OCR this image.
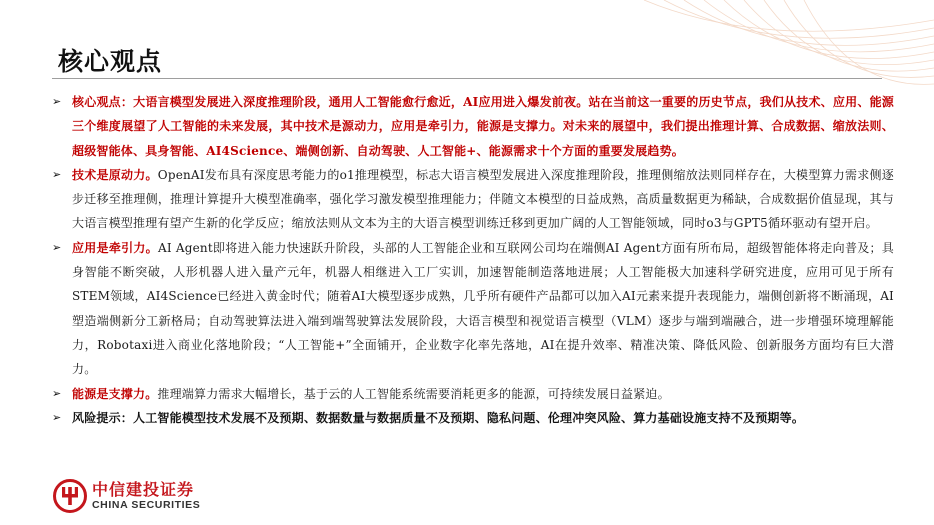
核心观点
➢ 核心观点：大语言模型发展进入深度推理阶段，通用人工智能愈行愈近，AI应用进入爆发前夜。站在当前这一重要的历史节点，我们从技术、应用、能源三个维度展望了人工智能的未来发展，其中技术是源动力，应用是牵引力，能源是支撑力。对未来的展望中，我们提出推理计算、合成数据、缩放法则、超级智能体、具身智能、AI4Science、端侧创新、自动驾驶、人工智能+、能源需求十个方面的重要发展趋势。
➢ 技术是原动力。OpenAI发布具有深度思考能力的o1推理模型，标志大语言模型发展进入深度推理阶段，推理侧缩放法则同样存在，大模型算力需求侧逐步迁移至推理侧，推理计算提升大模型准确率，强化学习激发模型推理能力；伴随文本模型的日益成熟，高质量数据更为稀缺，合成数据价值显现，其与大语言模型推理有望产生新的化学反应；缩放法则从文本为主的大语言模型训练迁移到更加广阔的人工智能领域，同时o3与GPT5循环驱动有望开启。
➢ 应用是牵引力。AI Agent即将进入能力快速跃升阶段，头部的人工智能企业和互联网公司均在端侧AI Agent方面有所布局，超级智能体将走向普及；具身智能不断突破，人形机器人进入量产元年，机器人相继进入工厂实训，加速智能制造落地进展；人工智能极大加速科学研究进度，应用可见于所有STEM领域，AI4Science已经进入黄金时代；随着AI大模型逐步成熟，几乎所有硬件产品都可以加入AI元素来提升表现能力，端侧创新将不断涌现，AI塑造端侧新分工新格局；自动驾驶算法进入端到端驾驶算法发展阶段，大语言模型和视觉语言模型（VLM）逐步与端到端融合，进一步增强环境理解能力，Robotaxi进入商业化落地阶段；“人工智能+”全面铺开，企业数字化率先落地，AI在提升效率、精准决策、降低风险、创新服务方面均有巨大潜力。
➢ 能源是支撑力。推理端算力需求大幅增长，基于云的人工智能系统需要消耗更多的能源，可持续发展日益紧迫。
➢ 风险提示：人工智能模型技术发展不及预期、数据数量与数据质量不及预期、隐私问题、伦理冲突风险、算力基础设施支持不及预期等。
中信建投证券
CHINA SECURITIES
